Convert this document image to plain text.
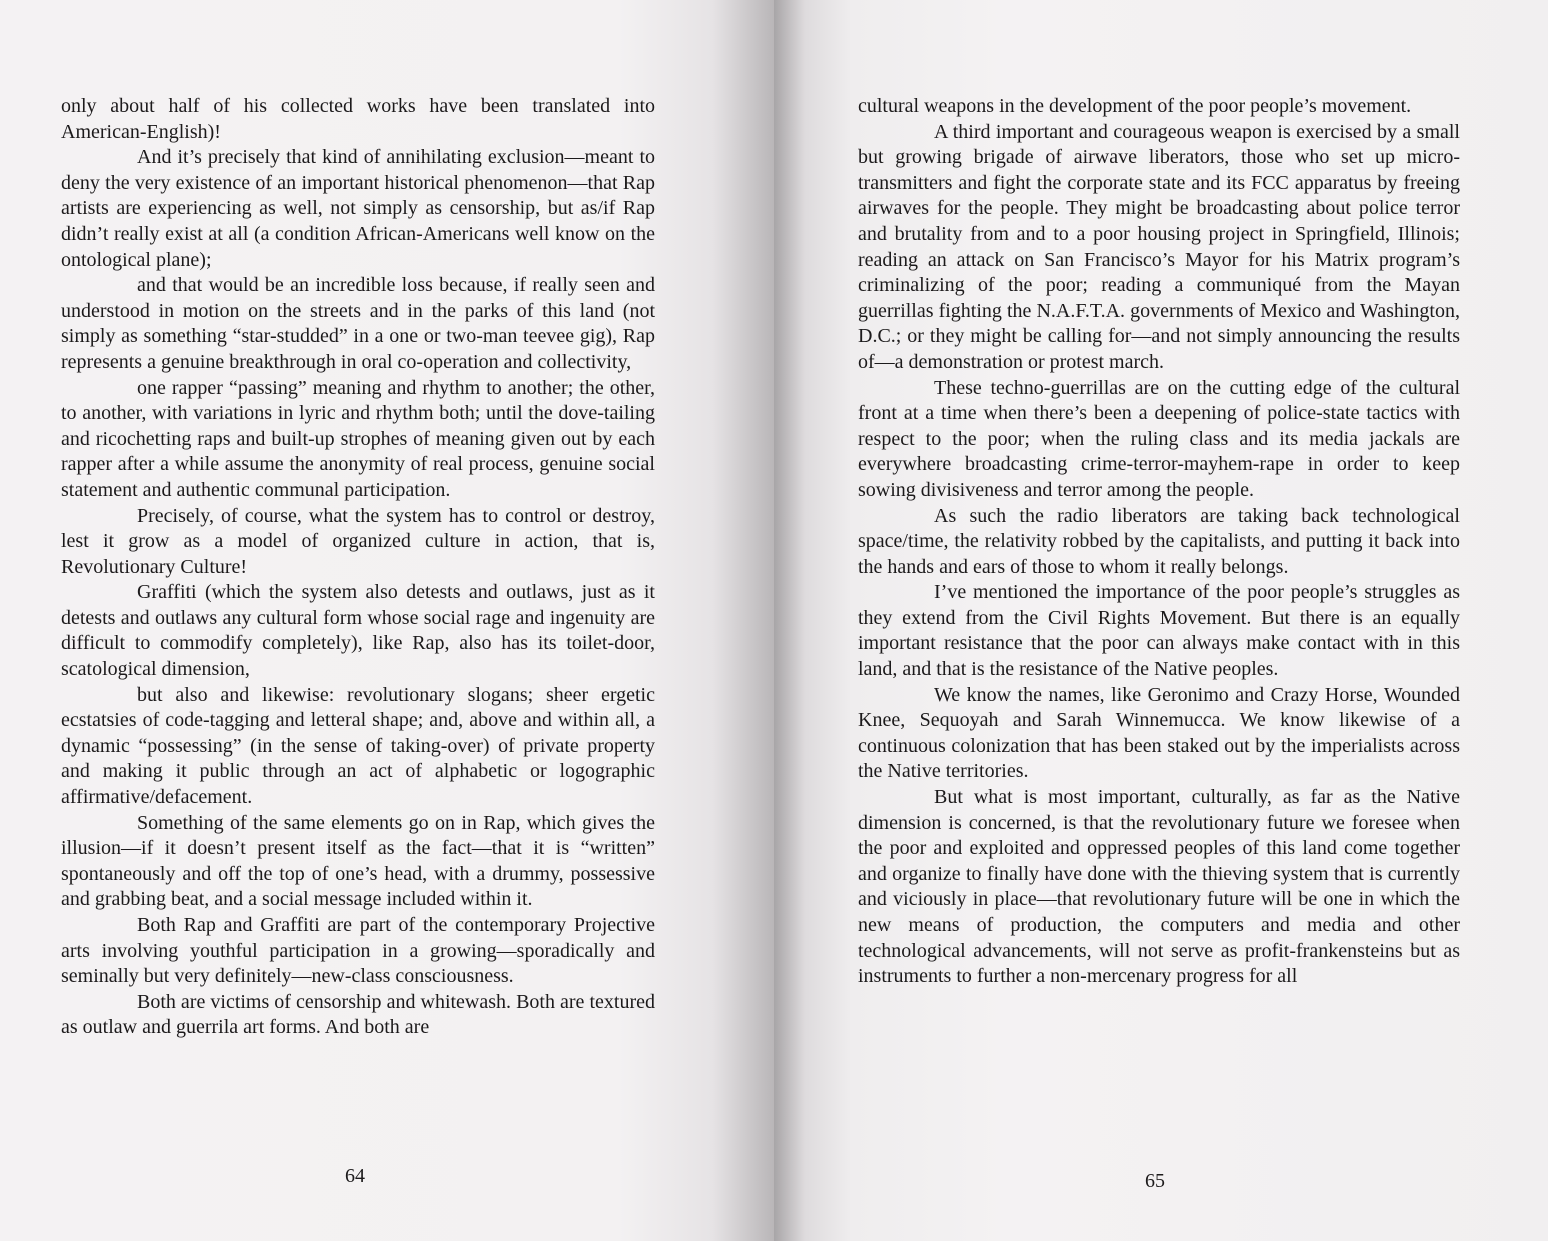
only about half of his collected works have been translated into American-English)!

And it’s precisely that kind of annihilating exclusion—meant to deny the very existence of an important historical phenomenon—that Rap artists are experiencing as well, not simply as censorship, but as/if Rap didn’t really exist at all (a condition African-Americans well know on the ontological plane);

and that would be an incredible loss because, if really seen and understood in motion on the streets and in the parks of this land (not simply as something “star-studded” in a one or two-man teevee gig), Rap represents a genuine breakthrough in oral co-operation and collectivity,

one rapper “passing” meaning and rhythm to another; the other, to another, with variations in lyric and rhythm both; until the dove-tailing and ricochetting raps and built-up strophes of meaning given out by each rapper after a while assume the anonymity of real process, genuine social statement and authentic communal participation.

Precisely, of course, what the system has to control or destroy, lest it grow as a model of organized culture in action, that is, Revolutionary Culture!

Graffiti (which the system also detests and outlaws, just as it detests and outlaws any cultural form whose social rage and ingenuity are difficult to commodify completely), like Rap, also has its toilet-door, scatological dimension,

but also and likewise: revolutionary slogans; sheer ergetic ecstatsies of code-tagging and letteral shape; and, above and within all, a dynamic “possessing” (in the sense of taking-over) of private property and making it public through an act of alphabetic or logographic affirmative/defacement.

Something of the same elements go on in Rap, which gives the illusion—if it doesn’t present itself as the fact—that it is “written” spontaneously and off the top of one’s head, with a drummy, possessive and grabbing beat, and a social message included within it.

Both Rap and Graffiti are part of the contemporary Projective arts involving youthful participation in a growing—sporadically and seminally but very definitely—new-class consciousness.

Both are victims of censorship and whitewash. Both are textured as outlaw and guerrila art forms. And both are

64

cultural weapons in the development of the poor people’s movement.

A third important and courageous weapon is exercised by a small but growing brigade of airwave liberators, those who set up micro-transmitters and fight the corporate state and its FCC apparatus by freeing airwaves for the people. They might be broadcasting about police terror and brutality from and to a poor housing project in Springfield, Illinois; reading an attack on San Francisco’s Mayor for his Matrix program’s criminalizing of the poor; reading a communiqué from the Mayan guerrillas fighting the N.A.F.T.A. governments of Mexico and Washington, D.C.; or they might be calling for—and not simply announcing the results of—a demonstration or protest march.

These techno-guerrillas are on the cutting edge of the cultural front at a time when there’s been a deepening of police-state tactics with respect to the poor; when the ruling class and its media jackals are everywhere broadcasting crime-terror-mayhem-rape in order to keep sowing divisiveness and terror among the people.

As such the radio liberators are taking back technological space/time, the relativity robbed by the capitalists, and putting it back into the hands and ears of those to whom it really belongs.

I’ve mentioned the importance of the poor people’s struggles as they extend from the Civil Rights Movement. But there is an equally important resistance that the poor can always make contact with in this land, and that is the resistance of the Native peoples.

We know the names, like Geronimo and Crazy Horse, Wounded Knee, Sequoyah and Sarah Winnemucca. We know likewise of a continuous colonization that has been staked out by the imperialists across the Native territories.

But what is most important, culturally, as far as the Native dimension is concerned, is that the revolutionary future we foresee when the poor and exploited and oppressed peoples of this land come together and organize to finally have done with the thieving system that is currently and viciously in place—that revolutionary future will be one in which the new means of production, the computers and media and other technological advancements, will not serve as profit-frankensteins but as instruments to further a non-mercenary progress for all

65
